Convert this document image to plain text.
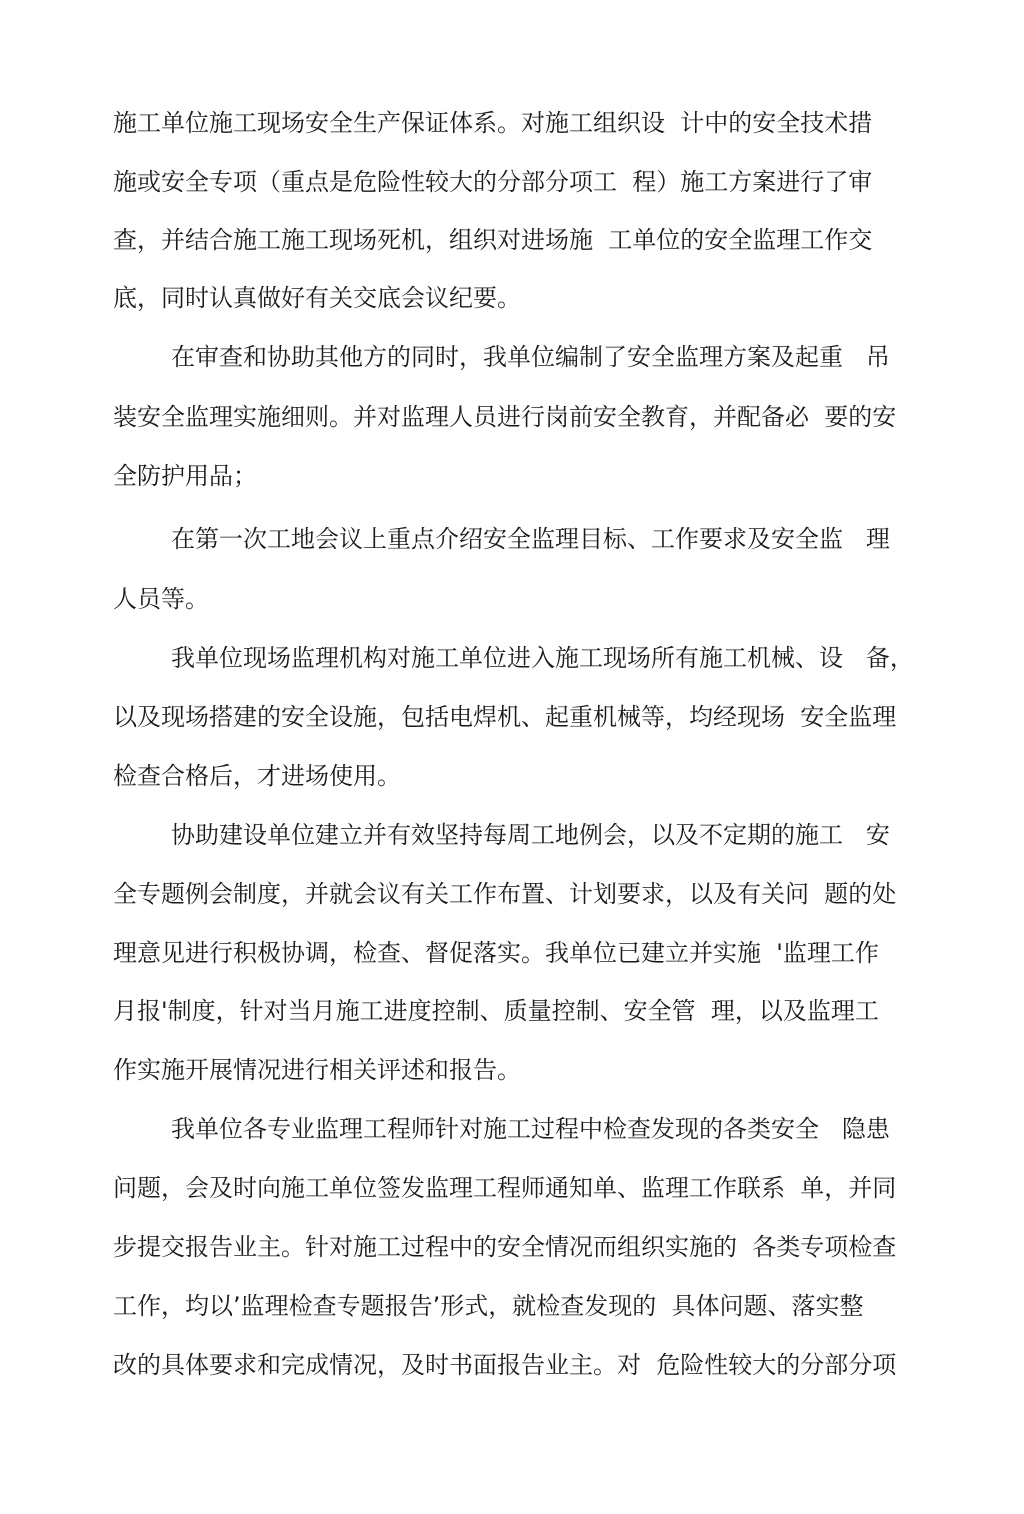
施工单位施工现场安全生产保证体系。对施工组织设  计中的安全技术措
施或安全专项（重点是危险性较大的分部分项工  程）施工方案进行了审
查，并结合施工施工现场死机，组织对进场施  工单位的安全监理工作交
底，同时认真做好有关交底会议纪要。
在审查和协助其他方的同时，我单位编制了安全监理方案及起重   吊
装安全监理实施细则。并对监理人员进行岗前安全教育，并配备必  要的安
全防护用品；
在第一次工地会议上重点介绍安全监理目标、工作要求及安全监   理
人员等。
我单位现场监理机构对施工单位进入施工现场所有施工机械、设   备，
以及现场搭建的安全设施，包括电焊机、起重机械等，均经现场  安全监理
检查合格后，才进场使用。
协助建设单位建立并有效坚持每周工地例会，以及不定期的施工   安
全专题例会制度，并就会议有关工作布置、计划要求，以及有关问  题的处
理意见进行积极协调，检查、督促落实。我单位已建立并实施  '监理工作
月报'制度，针对当月施工进度控制、质量控制、安全管  理，以及监理工
作实施开展情况进行相关评述和报告。
我单位各专业监理工程师针对施工过程中检查发现的各类安全   隐患
问题，会及时向施工单位签发监理工程师通知单、监理工作联系  单，并同
步提交报告业主。针对施工过程中的安全情况而组织实施的  各类专项检查
工作，均以’监理检查专题报告’形式，就检查发现的  具体问题、落实整
改的具体要求和完成情况，及时书面报告业主。对  危险性较大的分部分项
